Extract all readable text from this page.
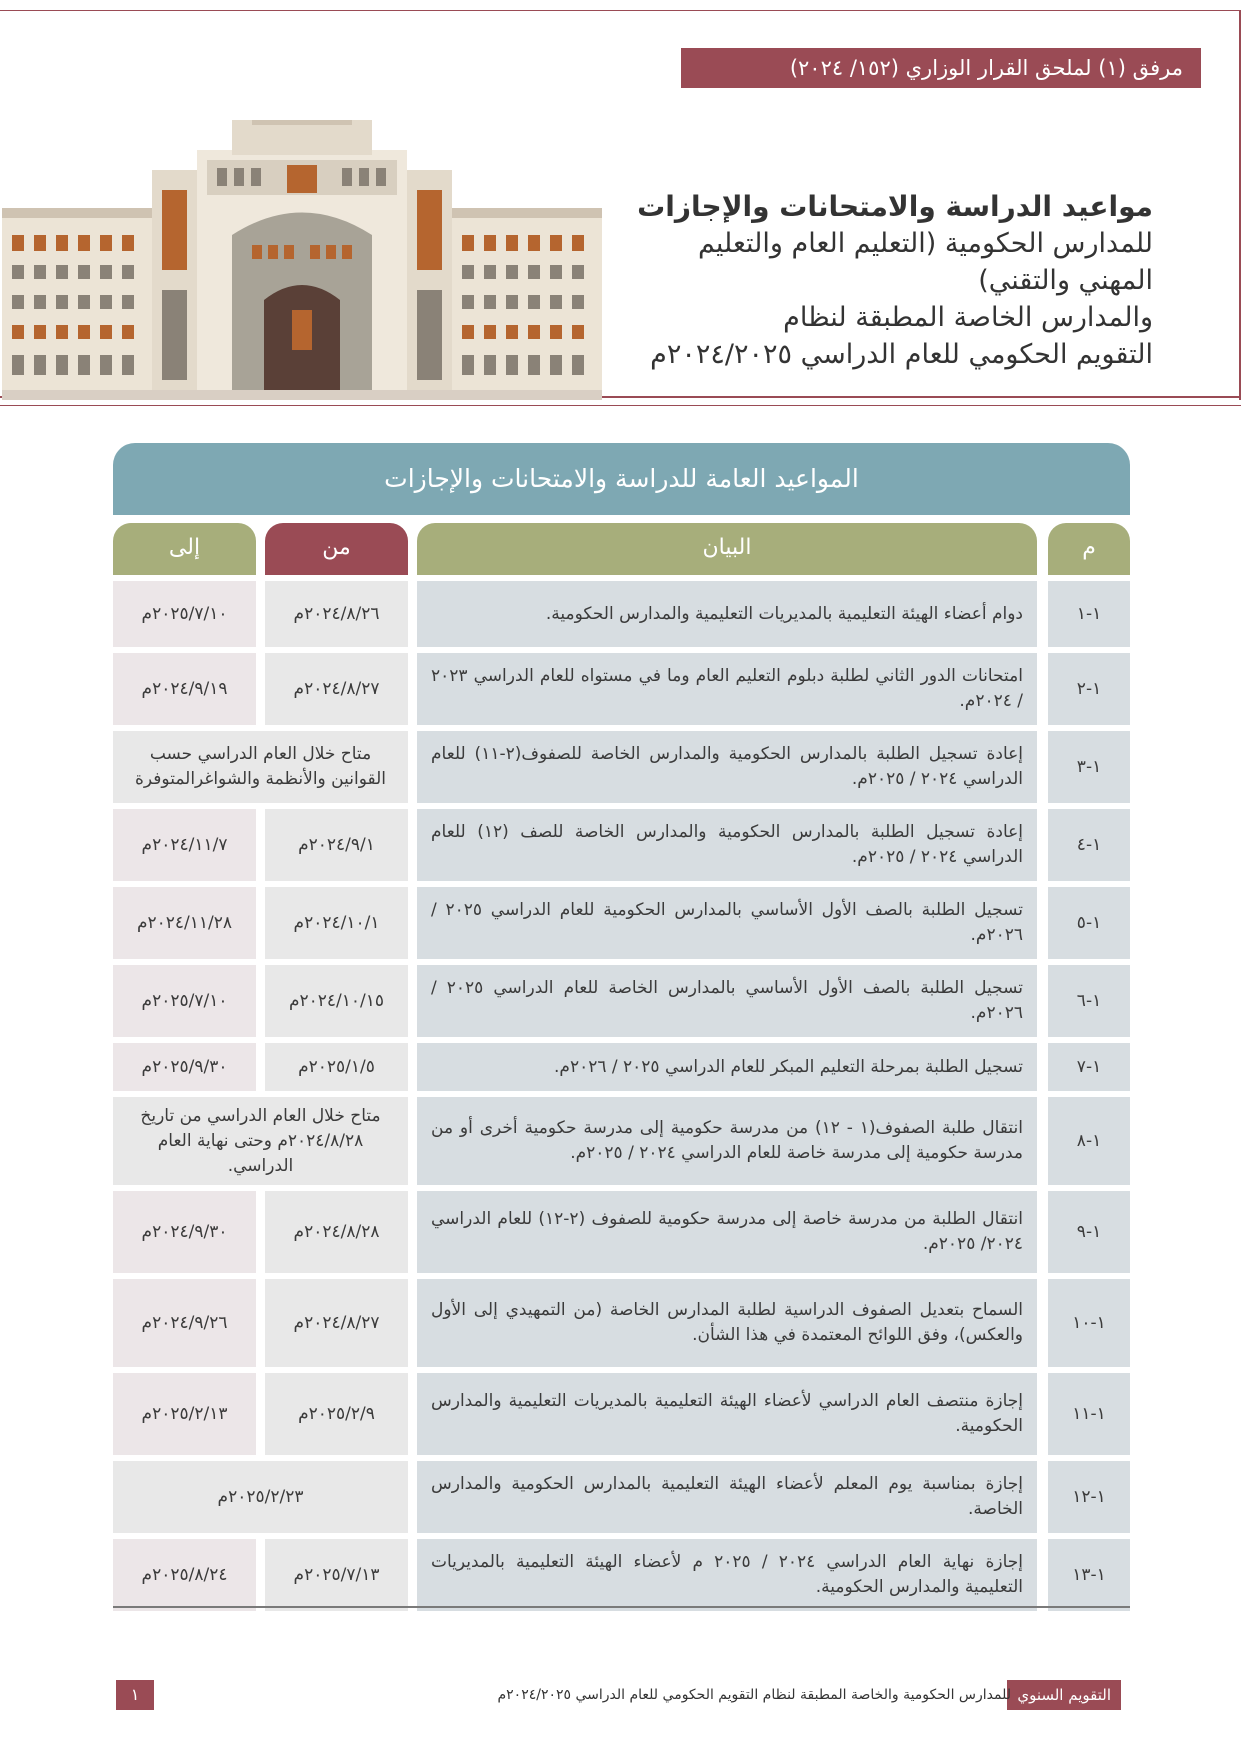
مرفق (١) لملحق القرار الوزاري (١٥٢/ ٢٠٢٤)
مواعيد الدراسة والامتحانات والإجازات
للمدارس الحكومية (التعليم العام والتعليم
المهني والتقني)
والمدارس الخاصة المطبقة لنظام
التقويم الحكومي للعام الدراسي ٢٠٢٤/٢٠٢٥م
المواعيد العامة للدراسة والامتحانات والإجازات
م
البيان
من
إلى
١-١
دوام أعضاء الهيئة التعليمية بالمديريات التعليمية والمدارس الحكومية.
٢٠٢٤/٨/٢٦م
٢٠٢٥/٧/١٠م
١-٢
امتحانات الدور الثاني لطلبة دبلوم التعليم العام وما في مستواه للعام الدراسي ٢٠٢٣ / ٢٠٢٤م.
٢٠٢٤/٨/٢٧م
٢٠٢٤/٩/١٩م
١-٣
إعادة تسجيل الطلبة بالمدارس الحكومية والمدارس الخاصة للصفوف(٢-١١) للعام الدراسي ٢٠٢٤ / ٢٠٢٥م.
متاح خلال العام الدراسي حسب القوانين والأنظمة والشواغرالمتوفرة
١-٤
إعادة تسجيل الطلبة بالمدارس الحكومية والمدارس الخاصة للصف (١٢) للعام الدراسي ٢٠٢٤ / ٢٠٢٥م.
٢٠٢٤/٩/١م
٢٠٢٤/١١/٧م
١-٥
تسجيل الطلبة بالصف الأول الأساسي بالمدارس الحكومية للعام الدراسي ٢٠٢٥ /٢٠٢٦م.
٢٠٢٤/١٠/١م
٢٠٢٤/١١/٢٨م
١-٦
تسجيل الطلبة بالصف الأول الأساسي بالمدارس الخاصة للعام الدراسي ٢٠٢٥ /٢٠٢٦م.
٢٠٢٤/١٠/١٥م
٢٠٢٥/٧/١٠م
١-٧
تسجيل الطلبة بمرحلة التعليم المبكر للعام الدراسي ٢٠٢٥ / ٢٠٢٦م.
٢٠٢٥/١/٥م
٢٠٢٥/٩/٣٠م
١-٨
انتقال طلبة الصفوف(١ - ١٢) من مدرسة حكومية إلى مدرسة حكومية أخرى أو من مدرسة حكومية إلى مدرسة خاصة للعام الدراسي ٢٠٢٤ / ٢٠٢٥م.
متاح خلال العام الدراسي من تاريخ ٢٠٢٤/٨/٢٨م وحتى نهاية العام الدراسي.
١-٩
انتقال الطلبة من مدرسة خاصة إلى مدرسة حكومية للصفوف (٢-١٢) للعام الدراسي ٢٠٢٤/ ٢٠٢٥م.
٢٠٢٤/٨/٢٨م
٢٠٢٤/٩/٣٠م
١-١٠
السماح بتعديل الصفوف الدراسية لطلبة المدارس الخاصة (من التمهيدي إلى الأول والعكس)، وفق اللوائح المعتمدة في هذا الشأن.
٢٠٢٤/٨/٢٧م
٢٠٢٤/٩/٢٦م
١-١١
إجازة منتصف العام الدراسي لأعضاء الهيئة التعليمية بالمديريات التعليمية والمدارس الحكومية.
٢٠٢٥/٢/٩م
٢٠٢٥/٢/١٣م
١-١٢
إجازة بمناسبة يوم المعلم لأعضاء الهيئة التعليمية بالمدارس الحكومية والمدارس الخاصة.
٢٠٢٥/٢/٢٣م
١-١٣
إجازة نهاية العام الدراسي ٢٠٢٤ / ٢٠٢٥ م لأعضاء الهيئة التعليمية بالمديريات التعليمية والمدارس الحكومية.
٢٠٢٥/٧/١٣م
٢٠٢٥/٨/٢٤م
التقويم السنوي
للمدارس الحكومية والخاصة المطبقة لنظام التقويم الحكومي للعام الدراسي ٢٠٢٤/٢٠٢٥م
١
